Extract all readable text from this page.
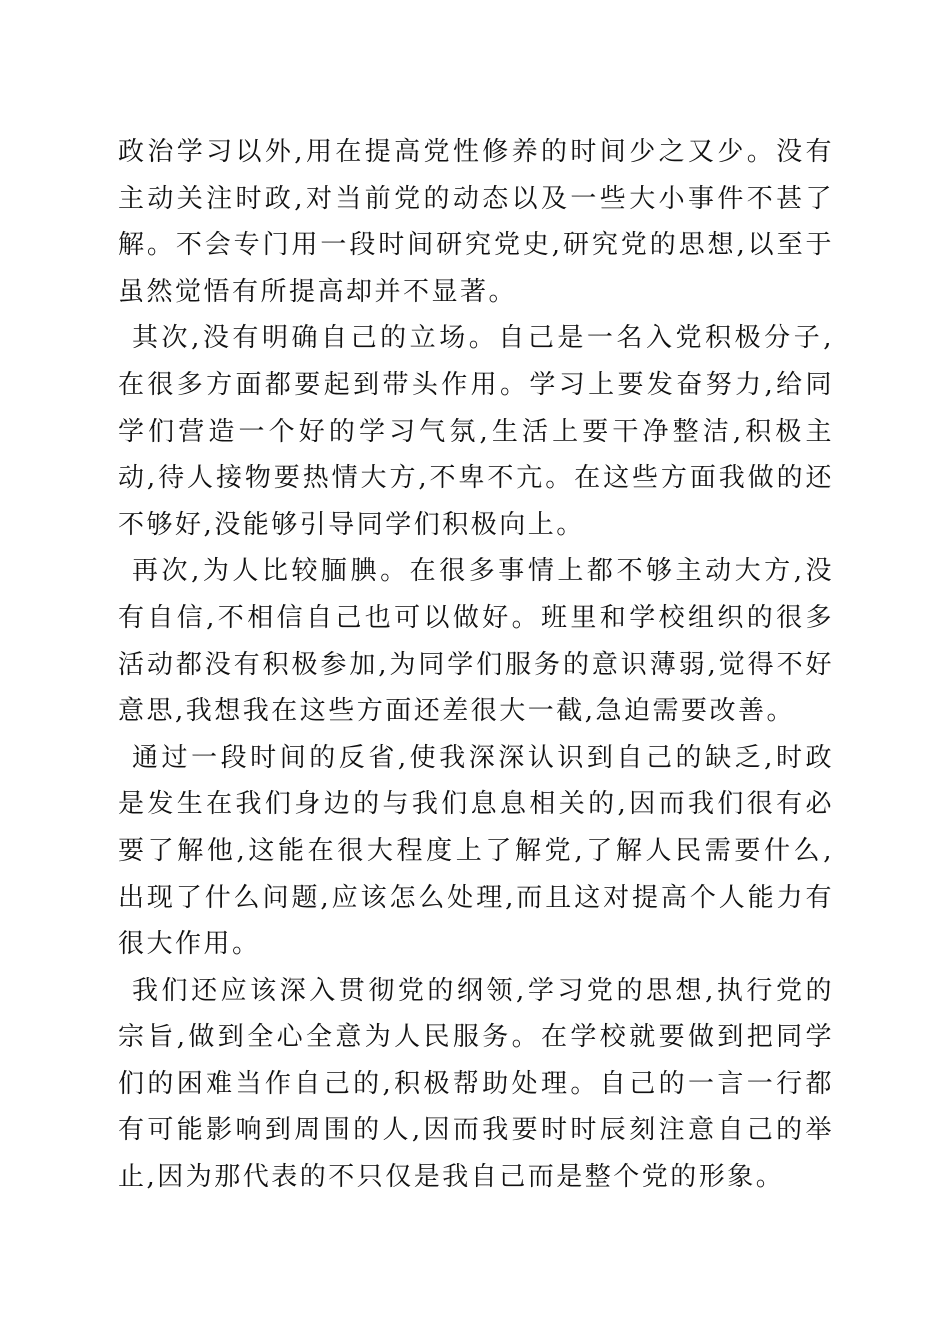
政治学习以外,用在提高党性修养的时间少之又少。没有主动关注时政,对当前党的动态以及一些大小事件不甚了解。不会专门用一段时间研究党史,研究党的思想,以至于虽然觉悟有所提高却并不显著。

其次,没有明确自己的立场。自己是一名入党积极分子,在很多方面都要起到带头作用。学习上要发奋努力,给同学们营造一个好的学习气氛,生活上要干净整洁,积极主动,待人接物要热情大方,不卑不亢。在这些方面我做的还不够好,没能够引导同学们积极向上。

再次,为人比较腼腆。在很多事情上都不够主动大方,没有自信,不相信自己也可以做好。班里和学校组织的很多活动都没有积极参加,为同学们服务的意识薄弱,觉得不好意思,我想我在这些方面还差很大一截,急迫需要改善。

通过一段时间的反省,使我深深认识到自己的缺乏,时政是发生在我们身边的与我们息息相关的,因而我们很有必要了解他,这能在很大程度上了解党,了解人民需要什么,出现了什么问题,应该怎么处理,而且这对提高个人能力有很大作用。

我们还应该深入贯彻党的纲领,学习党的思想,执行党的宗旨,做到全心全意为人民服务。在学校就要做到把同学们的困难当作自己的,积极帮助处理。自己的一言一行都有可能影响到周围的人,因而我要时时辰刻注意自己的举止,因为那代表的不只仅是我自己而是整个党的形象。
